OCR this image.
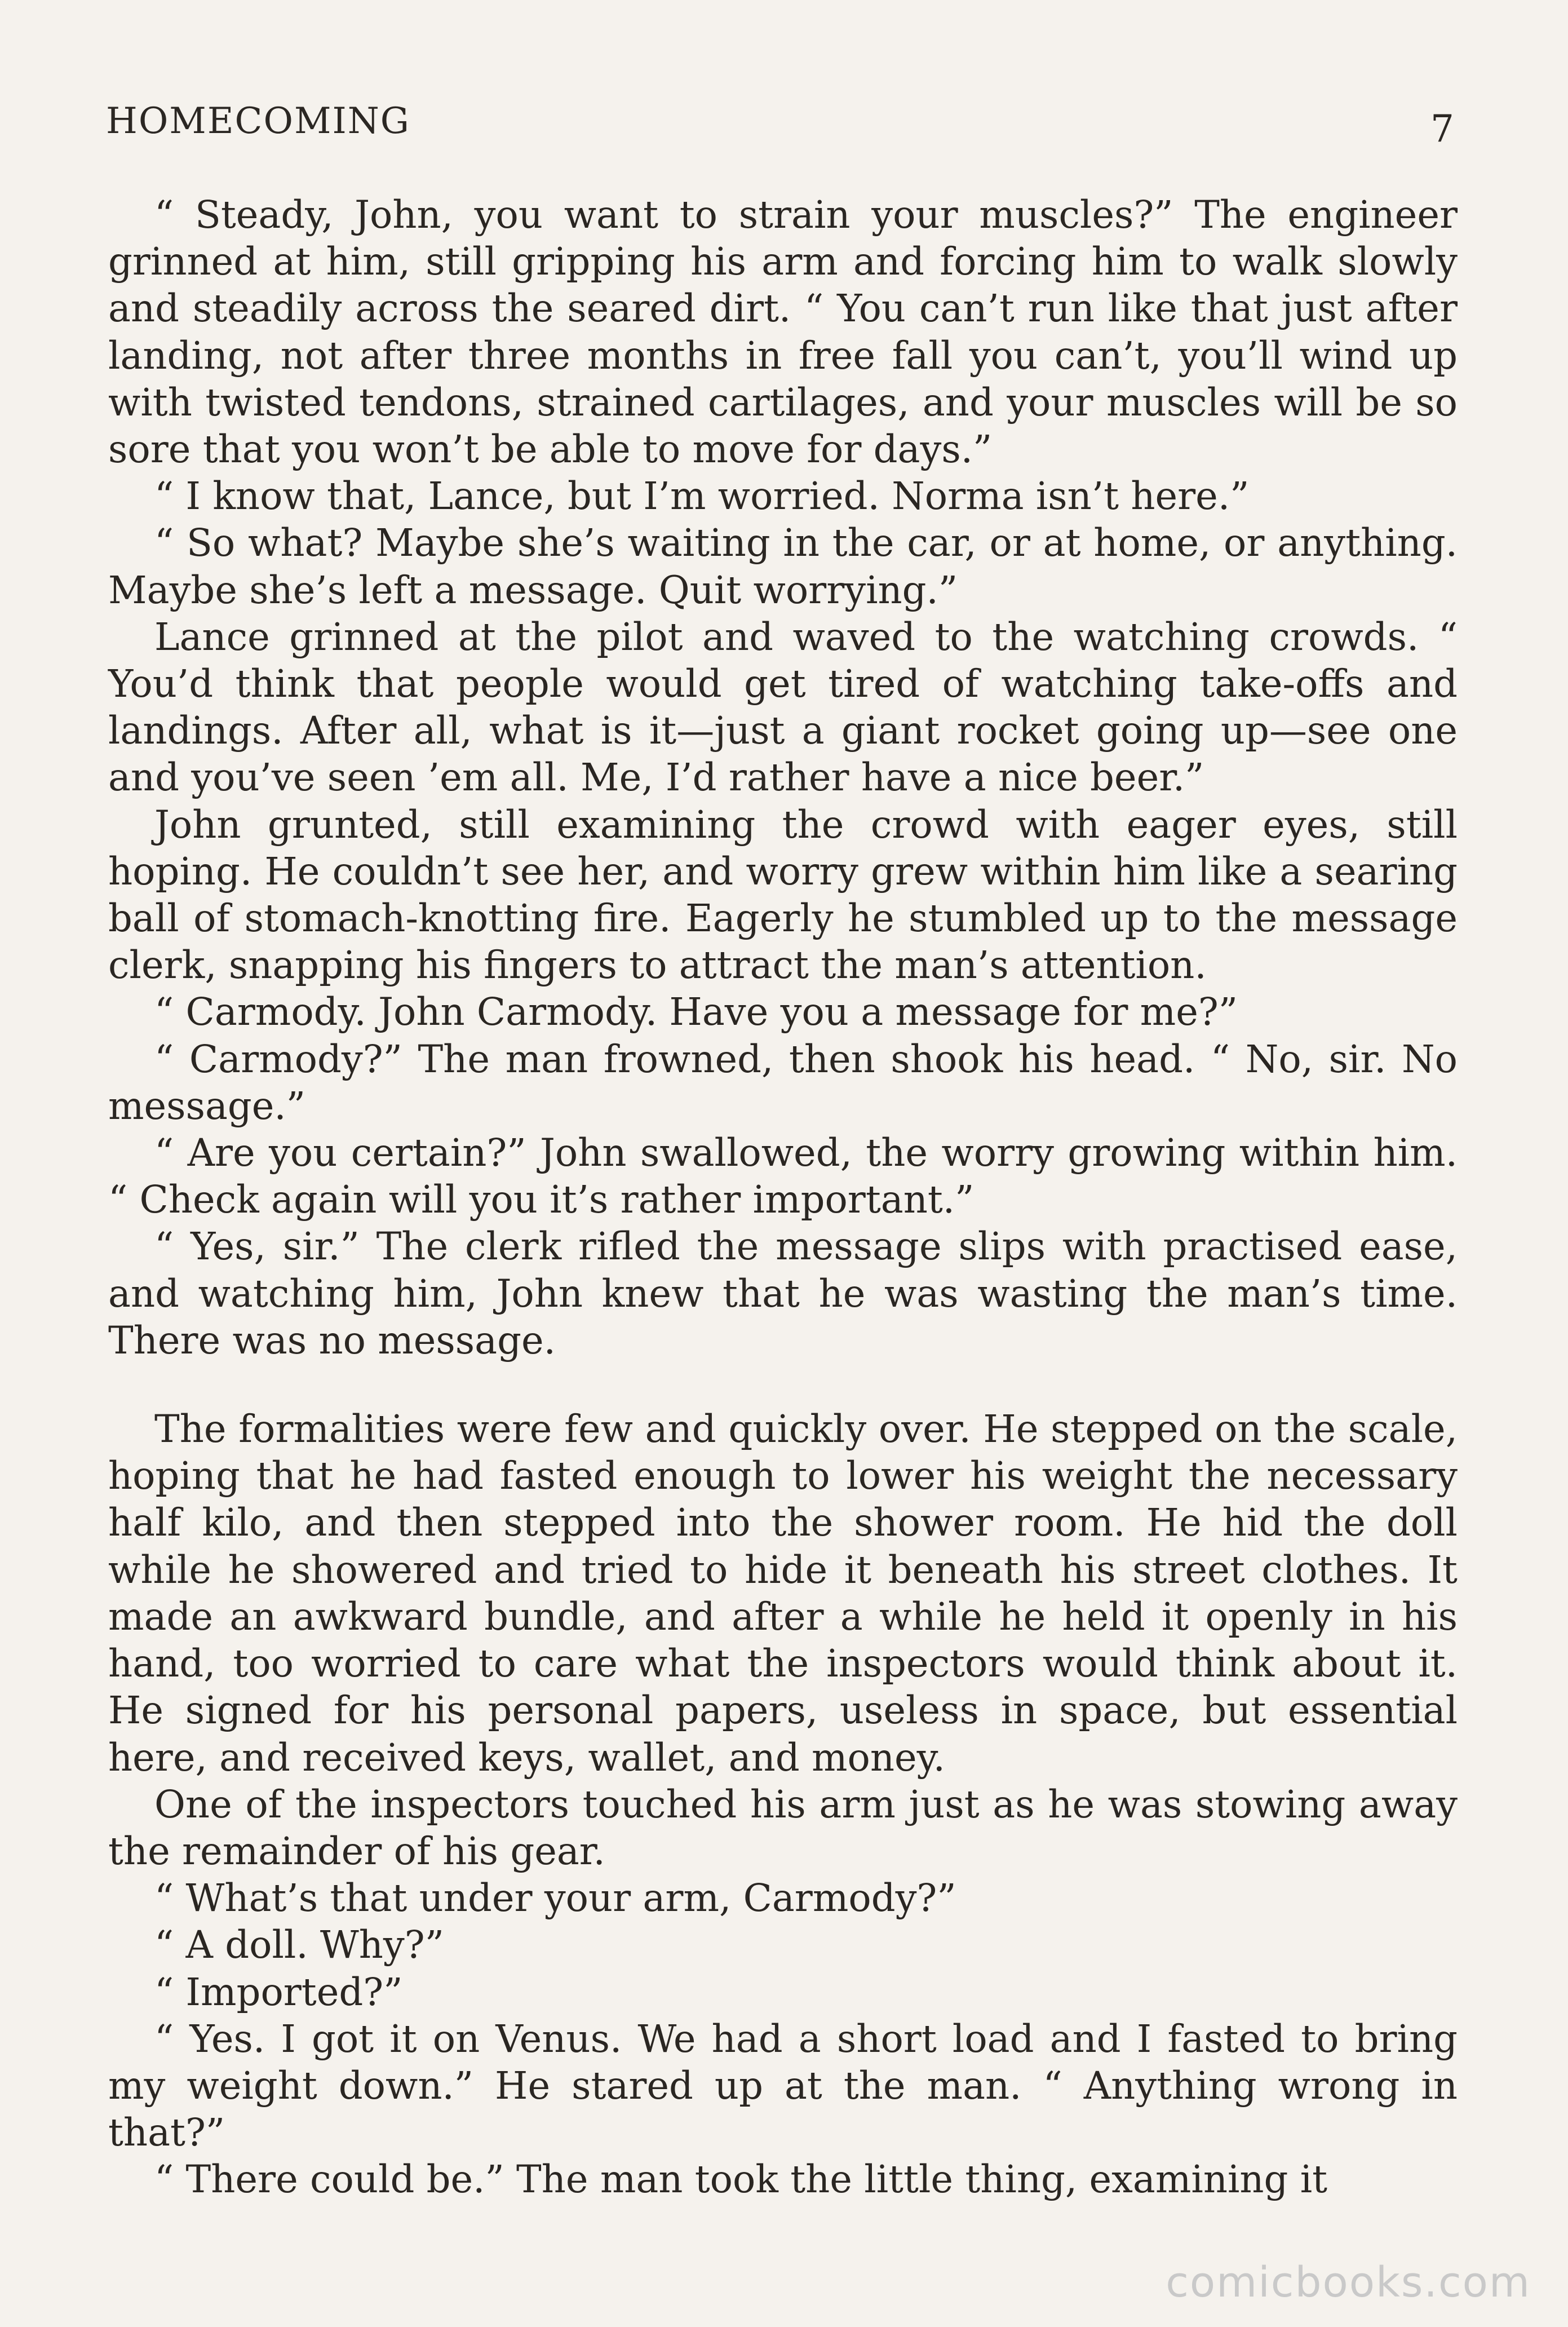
HOMECOMING	7

“ Steady, John, you want to strain your muscles?” The engineer grinned at him, still gripping his arm and forcing him to walk slowly and steadily across the seared dirt. “ You can’t run like that just after landing, not after three months in free fall you can’t, you’ll wind up with twisted tendons, strained cartilages, and your muscles will be so sore that you won’t be able to move for days.”

“ I know that, Lance, but I’m worried. Norma isn’t here.”

“ So what? Maybe she’s waiting in the car, or at home, or anything. Maybe she’s left a message. Quit worrying.”

Lance grinned at the pilot and waved to the watching crowds. “ You’d think that people would get tired of watching take-offs and landings. After all, what is it—just a giant rocket going up—see one and you’ve seen ’em all. Me, I’d rather have a nice beer.”

John grunted, still examining the crowd with eager eyes, still hoping. He couldn’t see her, and worry grew within him like a searing ball of stomach-knotting fire. Eagerly he stumbled up to the message clerk, snapping his fingers to attract the man’s attention.

“ Carmody. John Carmody. Have you a message for me?”

“ Carmody?” The man frowned, then shook his head. “ No, sir. No message.”

“ Are you certain?” John swallowed, the worry growing within him. “ Check again will you it’s rather important.”

“ Yes, sir.” The clerk rifled the message slips with practised ease, and watching him, John knew that he was wasting the man’s time. There was no message.

The formalities were few and quickly over. He stepped on the scale, hoping that he had fasted enough to lower his weight the necessary half kilo, and then stepped into the shower room. He hid the doll while he showered and tried to hide it beneath his street clothes. It made an awkward bundle, and after a while he held it openly in his hand, too worried to care what the inspectors would think about it. He signed for his personal papers, useless in space, but essential here, and received keys, wallet, and money.

One of the inspectors touched his arm just as he was stowing away the remainder of his gear.

“ What’s that under your arm, Carmody?”

“ A doll. Why?”

“ Imported?”

“ Yes. I got it on Venus. We had a short load and I fasted to bring my weight down.” He stared up at the man. “ Anything wrong in that?”

“ There could be.” The man took the little thing, examining it

comicbooks.com
